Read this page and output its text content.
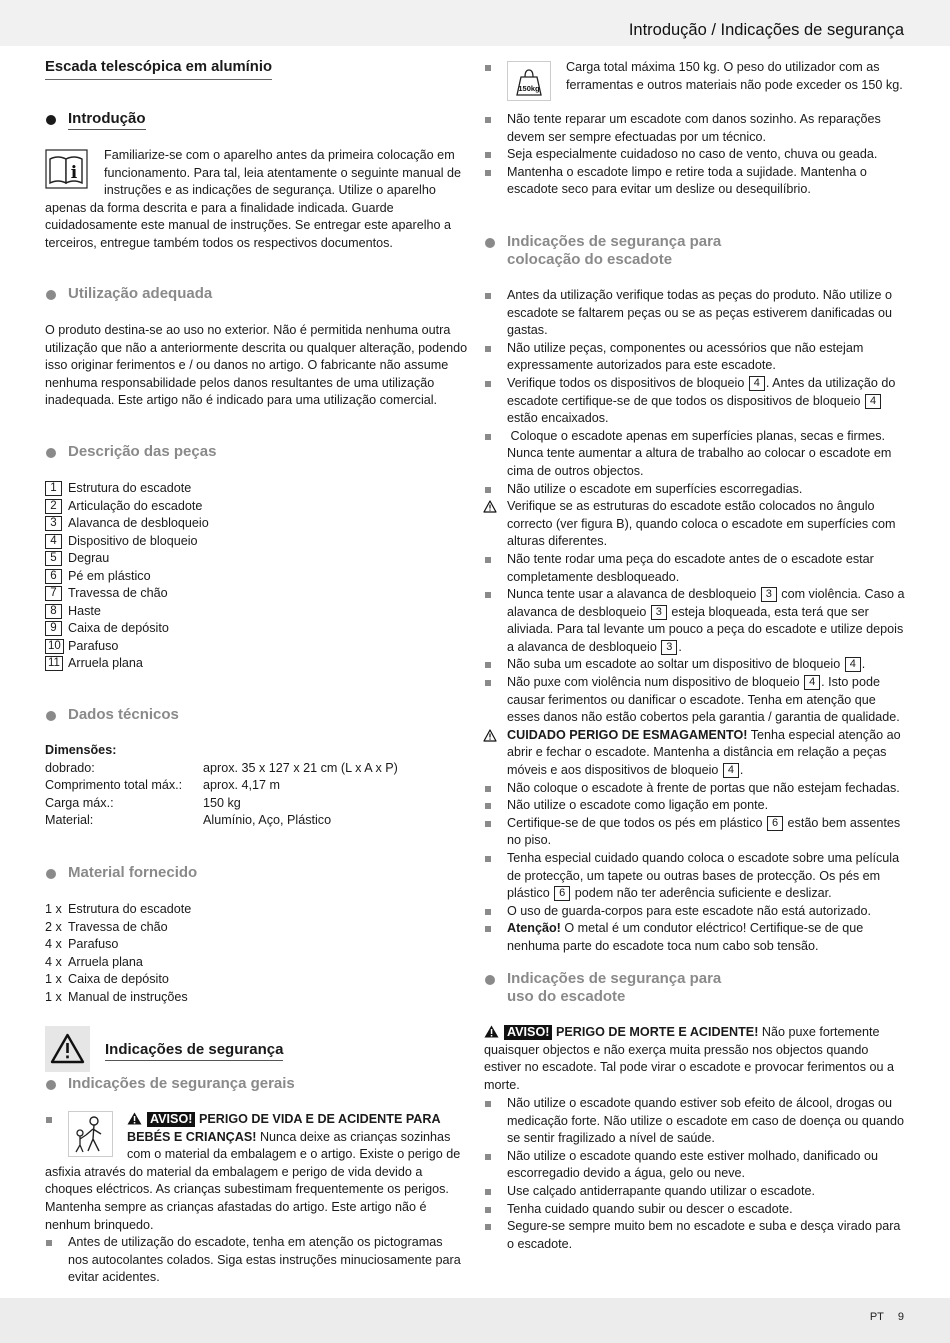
Introdução / Indicações de segurança
Escada telescópica em alumínio
Introdução
i
Familiarize-se com o aparelho antes da primeira colocação em funcionamento. Para tal, leia atentamente o seguinte manual de instruções e as indicações de segurança. Utilize o aparelho apenas da forma descrita e para a finalidade indicada. Guarde cuidadosamente este manual de instruções. Se entregar este aparelho a terceiros, entregue também todos os respectivos documentos.
Utilização adequada
O produto destina-se ao uso no exterior. Não é permitida nenhuma outra utilização que não a anteriormente descrita ou qualquer alteração, podendo isso originar ferimentos e / ou danos no artigo. O fabricante não assume nenhuma responsabilidade pelos danos resultantes de uma utilização inadequada. Este artigo não é indicado para uma utilização comercial.
Descrição das peças
1 Estrutura do escadote
2 Articulação do escadote
3 Alavanca de desbloqueio
4 Dispositivo de bloqueio
5 Degrau
6 Pé em plástico
7 Travessa de chão
8 Haste
9 Caixa de depósito
10 Parafuso
11 Arruela plana
Dados técnicos
Dimensões:
dobrado:	aprox. 35 x 127 x 21 cm (L x A x P)
Comprimento total máx.: aprox. 4,17 m
Carga máx.:	150 kg
Material:	Alumínio, Aço, Plástico
Material fornecido
1 x Estrutura do escadote
2 x Travessa de chão
4 x Parafuso
4 x Arruela plana
1 x Caixa de depósito
1 x Manual de instruções
Indicações de segurança
Indicações de segurança gerais
AVISO! PERIGO DE VIDA E DE ACIDENTE PARA BEBÉS E CRIANÇAS! Nunca deixe as crianças sozinhas com o material da embalagem e o artigo. Existe o perigo de asfixia através do material da embalagem e perigo de vida devido a choques eléctricos. As crianças subestimam frequentemente os perigos. Mantenha sempre as crianças afastadas do artigo. Este artigo não é nenhum brinquedo.
Antes de utilização do escadote, tenha em atenção os pictogramas nos autocolantes colados. Siga estas instruções minuciosamente para evitar acidentes.
Carga total máxima 150 kg. O peso do utilizador com as ferramentas e outros materiais não pode exceder os 150 kg.
150kg
Não tente reparar um escadote com danos sozinho. As reparações devem ser sempre efectuadas por um técnico.
Seja especialmente cuidadoso no caso de vento, chuva ou geada.
Mantenha o escadote limpo e retire toda a sujidade. Mantenha o escadote seco para evitar um deslize ou desequilíbrio.
Indicações de segurança para
colocação do escadote
Antes da utilização verifique todas as peças do produto. Não utilize o escadote se faltarem peças ou se as peças estiverem danificadas ou gastas.
Não utilize peças, componentes ou acessórios que não estejam expressamente autorizados para este escadote.
Verifique todos os dispositivos de bloqueio 4 . Antes da utilização do escadote certifique-se de que todos os dispositivos de bloqueio 4 estão encaixados.
Coloque o escadote apenas em superfícies planas, secas e firmes. Nunca tente aumentar a altura de trabalho ao colocar o escadote em cima de outros objectos.
Não utilize o escadote em superfícies escorregadias.
Verifique se as estruturas do escadote estão colocados no ângulo correcto (ver figura B), quando coloca o escadote em superfícies com alturas diferentes.
Não tente rodar uma peça do escadote antes de o escadote estar completamente desbloqueado.
Nunca tente usar a alavanca de desbloqueio 3 com violência. Caso a alavanca de desbloqueio 3 esteja bloqueada, esta terá que ser aliviada. Para tal levante um pouco a peça do escadote e utilize depois a alavanca de desbloqueio 3 .
Não suba um escadote ao soltar um dispositivo de bloqueio 4 .
Não puxe com violência num dispositivo de bloqueio 4 . Isto pode causar ferimentos ou danificar o escadote. Tenha em atenção que esses danos não estão cobertos pela garantia / garantia de qualidade.
CUIDADO PERIGO DE ESMAGAMENTO! Tenha especial atenção ao abrir e fechar o escadote. Mantenha a distância em relação a peças móveis e aos dispositivos de bloqueio 4 .
Não coloque o escadote à frente de portas que não estejam fechadas.
Não utilize o escadote como ligação em ponte.
Certifique-se de que todos os pés em plástico 6 estão bem assentes no piso.
Tenha especial cuidado quando coloca o escadote sobre uma película de protecção, um tapete ou outras bases de protecção. Os pés em plástico 6 podem não ter aderência suficiente e deslizar.
O uso de guarda-corpos para este escadote não está autorizado.
Atenção! O metal é um condutor eléctrico! Certifique-se de que nenhuma parte do escadote toca num cabo sob tensão.
Indicações de segurança para
uso do escadote
AVISO! PERIGO DE MORTE E ACIDENTE! Não puxe fortemente quaisquer objectos e não exerça muita pressão nos objectos quando estiver no escadote. Tal pode virar o escadote e provocar ferimentos ou a morte.
Não utilize o escadote quando estiver sob efeito de álcool, drogas ou medicação forte. Não utilize o escadote em caso de doença ou quando se sentir fragilizado a nível de saúde.
Não utilize o escadote quando este estiver molhado, danificado ou escorregadio devido a água, gelo ou neve.
Use calçado antiderrapante quando utilizar o escadote.
Tenha cuidado quando subir ou descer o escadote.
Segure-se sempre muito bem no escadote e suba e desça virado para o escadote.
PT 9
